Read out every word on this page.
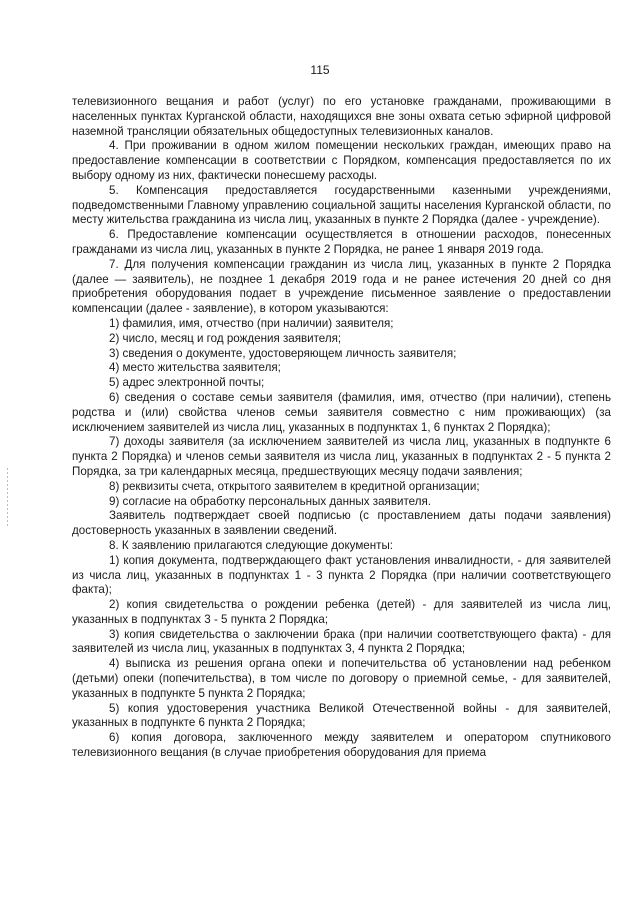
115

телевизионного вещания и работ (услуг) по его установке гражданами, проживающими в населенных пунктах Курганской области, находящихся вне зоны охвата сетью эфирной цифровой наземной трансляции обязательных общедоступных телевизионных каналов.

4. При проживании в одном жилом помещении нескольких граждан, имеющих право на предоставление компенсации в соответствии с Порядком, компенсация предоставляется по их выбору одному из них, фактически понесшему расходы.

5. Компенсация предоставляется государственными казенными учреждениями, подведомственными Главному управлению социальной защиты населения Курганской области, по месту жительства гражданина из числа лиц, указанных в пункте 2 Порядка (далее - учреждение).

6. Предоставление компенсации осуществляется в отношении расходов, понесенных гражданами из числа лиц, указанных в пункте 2 Порядка, не ранее 1 января 2019 года.

7. Для получения компенсации гражданин из числа лиц, указанных в пункте 2 Порядка (далее — заявитель), не позднее 1 декабря 2019 года и не ранее истечения 20 дней со дня приобретения оборудования подает в учреждение письменное заявление о предоставлении компенсации (далее - заявление), в котором указываются:

1) фамилия, имя, отчество (при наличии) заявителя;

2) число, месяц и год рождения заявителя;

3) сведения о документе, удостоверяющем личность заявителя;

4) место жительства заявителя;

5) адрес электронной почты;

6) сведения о составе семьи заявителя (фамилия, имя, отчество (при наличии), степень родства и (или) свойства членов семьи заявителя совместно с ним проживающих) (за исключением заявителей из числа лиц, указанных в подпунктах 1, 6 пунктах 2 Порядка);

7) доходы заявителя (за исключением заявителей из числа лиц, указанных в подпункте 6 пункта 2 Порядка) и членов семьи заявителя из числа лиц, указанных в подпунктах 2 - 5 пункта 2 Порядка, за три календарных месяца, предшествующих месяцу подачи заявления;

8) реквизиты счета, открытого заявителем в кредитной организации;

9) согласие на обработку персональных данных заявителя.

Заявитель подтверждает своей подписью (с проставлением даты подачи заявления) достоверность указанных в заявлении сведений.

8. К заявлению прилагаются следующие документы:

1) копия документа, подтверждающего факт установления инвалидности, - для заявителей из числа лиц, указанных в подпунктах 1 - 3 пункта 2 Порядка (при наличии соответствующего факта);

2) копия свидетельства о рождении ребенка (детей) - для заявителей из числа лиц, указанных в подпунктах 3 - 5 пункта 2 Порядка;

3) копия свидетельства о заключении брака (при наличии соответствующего факта) - для заявителей из числа лиц, указанных в подпунктах 3, 4 пункта 2 Порядка;

4) выписка из решения органа опеки и попечительства об установлении над ребенком (детьми) опеки (попечительства), в том числе по договору о приемной семье, - для заявителей, указанных в подпункте 5 пункта 2 Порядка;

5) копия удостоверения участника Великой Отечественной войны - для заявителей, указанных в подпункте 6 пункта 2 Порядка;

6) копия договора, заключенного между заявителем и оператором спутникового телевизионного вещания (в случае приобретения оборудования для приема
